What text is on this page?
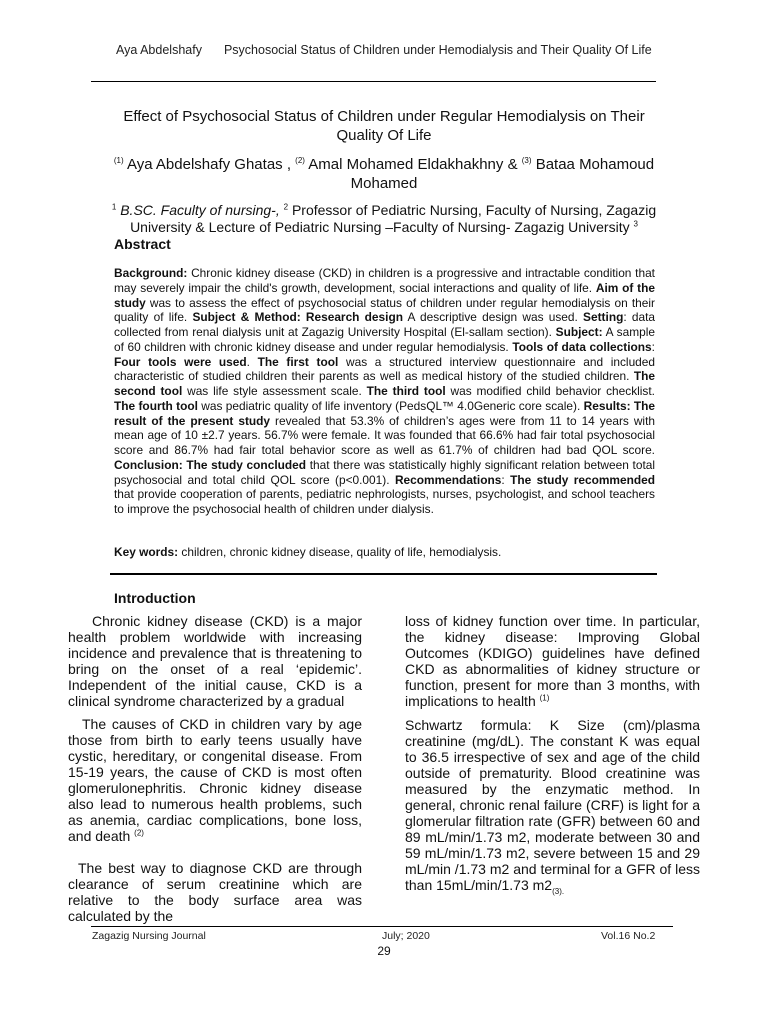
Aya Abdelshafy Psychosocial Status of Children under Hemodialysis and Their Quality Of Life
Effect of Psychosocial Status of Children under Regular Hemodialysis on Their Quality Of Life
$^{(1)}$ Aya Abdelshafy Ghatas , $^{(2)}$ Amal Mohamed Eldakhakhny & $^{(3)}$ Bataa Mohamoud Mohamed
$^1$ B.SC. Faculty of nursing-, $^2$ Professor of Pediatric Nursing, Faculty of Nursing, Zagazig University & Lecture of Pediatric Nursing –Faculty of Nursing- Zagazig University $^3$
Abstract
Background: Chronic kidney disease (CKD) in children is a progressive and intractable condition that may severely impair the child's growth, development, social interactions and quality of life. Aim of the study was to assess the effect of psychosocial status of children under regular hemodialysis on their quality of life. Subject & Method: Research design A descriptive design was used. Setting: data collected from renal dialysis unit at Zagazig University Hospital (El-sallam section). Subject: A sample of 60 children with chronic kidney disease and under regular hemodialysis. Tools of data collections: Four tools were used. The first tool was a structured interview questionnaire and included characteristic of studied children their parents as well as medical history of the studied children. The second tool was life style assessment scale. The third tool was modified child behavior checklist. The fourth tool was pediatric quality of life inventory (PedsQL™ 4.0Generic core scale). Results: The result of the present study revealed that 53.3% of children’s ages were from 11 to 14 years with mean age of 10 ±2.7 years. 56.7% were female. It was founded that 66.6% had fair total psychosocial score and 86.7% had fair total behavior score as well as 61.7% of children had bad QOL score. Conclusion: The study concluded that there was statistically highly significant relation between total psychosocial and total child QOL score (p<0.001). Recommendations: The study recommended that provide cooperation of parents, pediatric nephrologists, nurses, psychologist, and school teachers to improve the psychosocial health of children under dialysis.
Key words: children, chronic kidney disease, quality of life, hemodialysis.
Introduction

Chronic kidney disease (CKD) is a major health problem worldwide with increasing incidence and prevalence that is threatening to bring on the onset of a real ‘epidemic’. Independent of the initial cause, CKD is a clinical syndrome characterized by a gradual

The causes of CKD in children vary by age those from birth to early teens usually have cystic, hereditary, or congenital disease. From 15-19 years, the cause of CKD is most often glomerulonephritis. Chronic kidney disease also lead to numerous health problems, such as anemia, cardiac complications, bone loss, and death $^{(2)}$

The best way to diagnose CKD are through clearance of serum creatinine which are relative to the body surface area was calculated by the

loss of kidney function over time. In particular, the kidney disease: Improving Global Outcomes (KDIGO) guidelines have defined CKD as abnormalities of kidney structure or function, present for more than 3 months, with implications to health $^{(1)}$

Schwartz formula: K Size (cm)/plasma creatinine (mg/dL). The constant K was equal to 36.5 irrespective of sex and age of the child outside of prematurity. Blood creatinine was measured by the enzymatic method. In general, chronic renal failure (CRF) is light for a glomerular filtration rate (GFR) between 60 and 89 mL/min/1.73 m2, moderate between 30 and 59 mL/min/1.73 m2, severe between 15 and 29 mL/min /1.73 m2 and terminal for a GFR of less than 15mL/min/1.73 $m2_{(3).}$

Zagazig Nursing Journal	July; 2020	Vol.16 No.2
29
